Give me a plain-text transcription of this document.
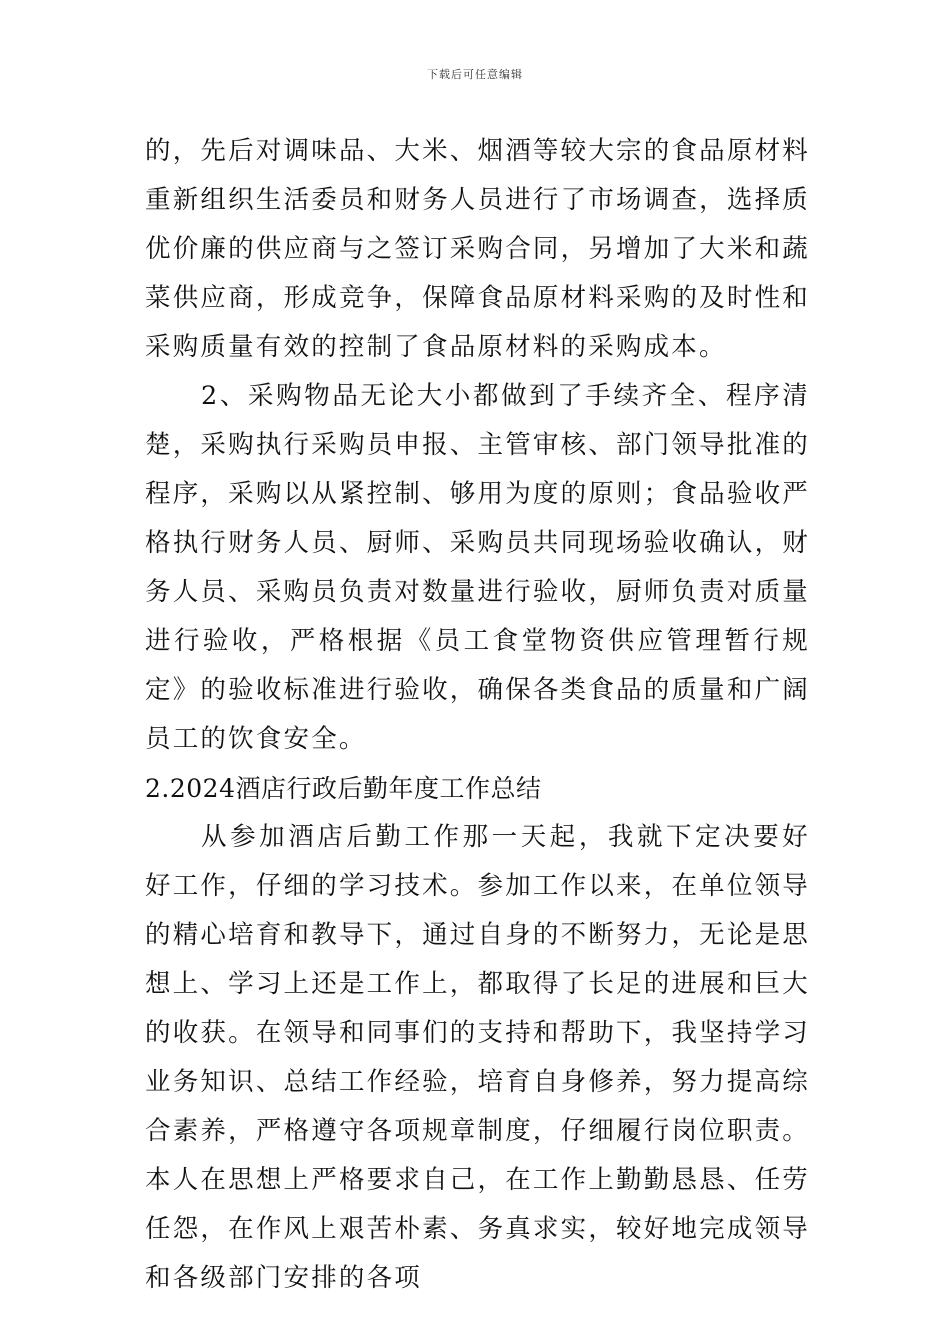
下载后可任意编辑

的，先后对调味品、大米、烟酒等较大宗的食品原材料重新组织生活委员和财务人员进行了市场调查，选择质优价廉的供应商与之签订采购合同，另增加了大米和蔬菜供应商，形成竞争，保障食品原材料采购的及时性和采购质量有效的控制了食品原材料的采购成本。

2、采购物品无论大小都做到了手续齐全、程序清楚，采购执行采购员申报、主管审核、部门领导批准的程序，采购以从紧控制、够用为度的原则；食品验收严格执行财务人员、厨师、采购员共同现场验收确认，财务人员、采购员负责对数量进行验收，厨师负责对质量进行验收，严格根据《员工食堂物资供应管理暂行规定》的验收标准进行验收，确保各类食品的质量和广阔员工的饮食安全。

2.2024酒店行政后勤年度工作总结

从参加酒店后勤工作那一天起，我就下定决要好好工作，仔细的学习技术。参加工作以来，在单位领导的精心培育和教导下，通过自身的不断努力，无论是思想上、学习上还是工作上，都取得了长足的进展和巨大的收获。在领导和同事们的支持和帮助下，我坚持学习业务知识、总结工作经验，培育自身修养，努力提高综合素养，严格遵守各项规章制度，仔细履行岗位职责。本人在思想上严格要求自己，在工作上勤勤恳恳、任劳任怨，在作风上艰苦朴素、务真求实，较好地完成领导和各级部门安排的各项
